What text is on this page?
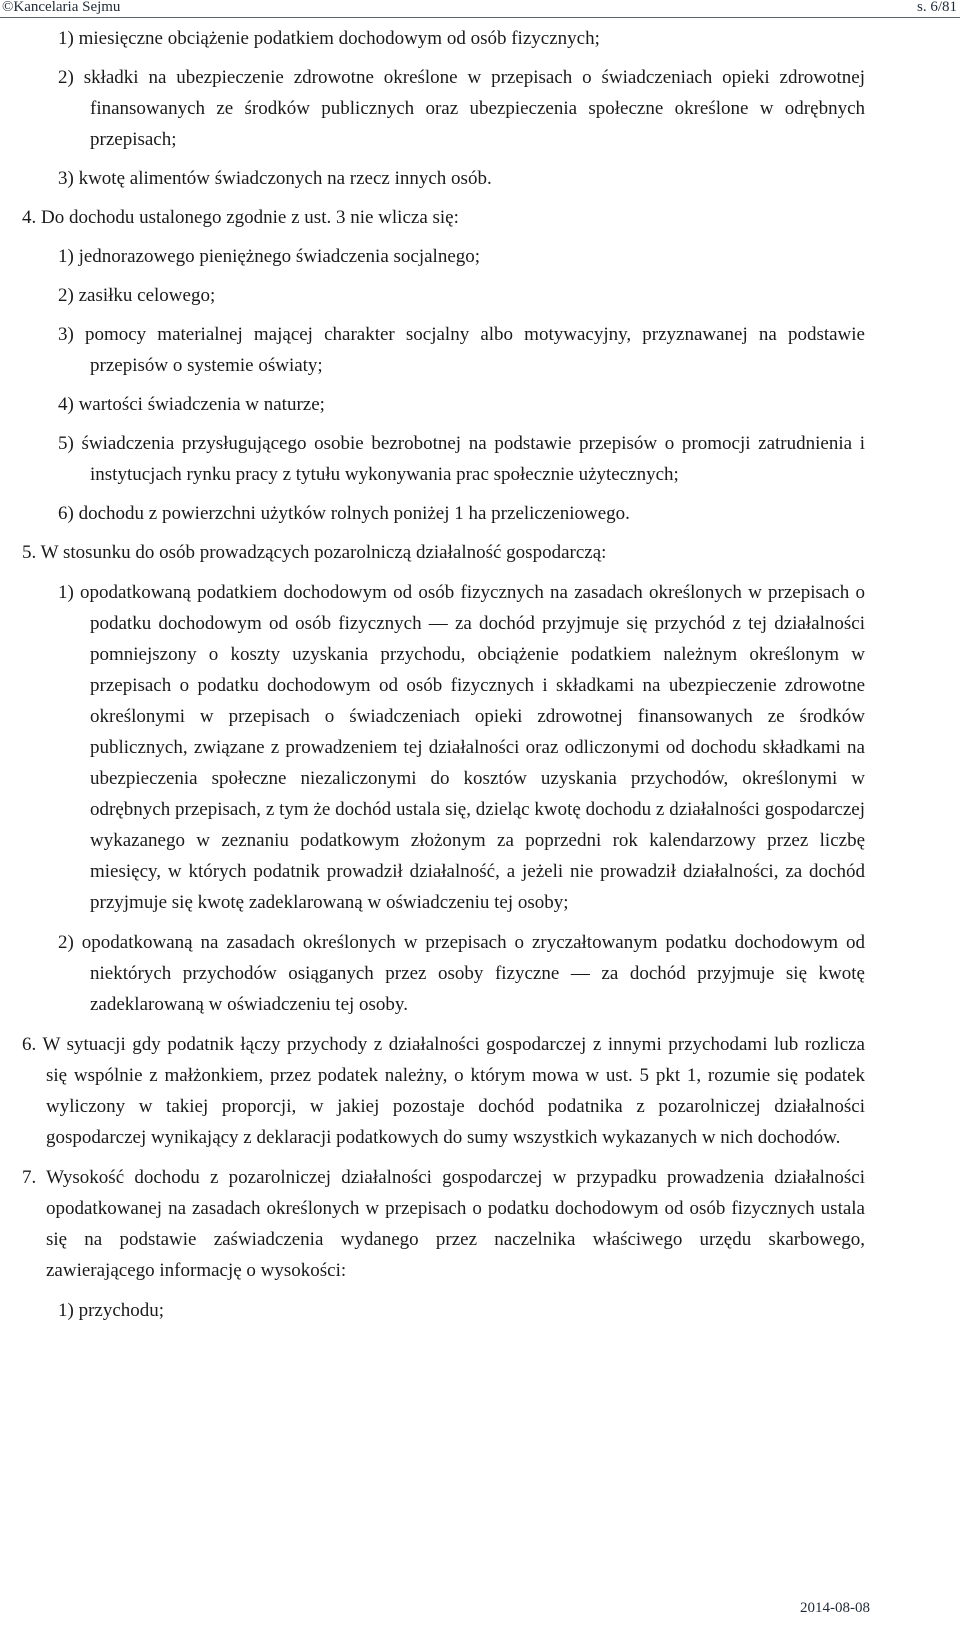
©Kancelaria Sejmu	s. 6/81

1) miesięczne obciążenie podatkiem dochodowym od osób fizycznych;

2) składki na ubezpieczenie zdrowotne określone w przepisach o świadczeniach opieki zdrowotnej finansowanych ze środków publicznych oraz ubezpieczenia społeczne określone w odrębnych przepisach;

3) kwotę alimentów świadczonych na rzecz innych osób.

4. Do dochodu ustalonego zgodnie z ust. 3 nie wlicza się:

1) jednorazowego pieniężnego świadczenia socjalnego;

2) zasiłku celowego;

3) pomocy materialnej mającej charakter socjalny albo motywacyjny, przyznawanej na podstawie przepisów o systemie oświaty;

4) wartości świadczenia w naturze;

5) świadczenia przysługującego osobie bezrobotnej na podstawie przepisów o promocji zatrudnienia i instytucjach rynku pracy z tytułu wykonywania prac społecznie użytecznych;

6) dochodu z powierzchni użytków rolnych poniżej 1 ha przeliczeniowego.

5. W stosunku do osób prowadzących pozarolniczą działalność gospodarczą:

1) opodatkowaną podatkiem dochodowym od osób fizycznych na zasadach określonych w przepisach o podatku dochodowym od osób fizycznych — za dochód przyjmuje się przychód z tej działalności pomniejszony o koszty uzyskania przychodu, obciążenie podatkiem należnym określonym w przepisach o podatku dochodowym od osób fizycznych i składkami na ubezpieczenie zdrowotne określonymi w przepisach o świadczeniach opieki zdrowotnej finansowanych ze środków publicznych, związane z prowadzeniem tej działalności oraz odliczonymi od dochodu składkami na ubezpieczenia społeczne niezaliczonymi do kosztów uzyskania przychodów, określonymi w odrębnych przepisach, z tym że dochód ustala się, dzieląc kwotę dochodu z działalności gospodarczej wykazanego w zeznaniu podatkowym złożonym za poprzedni rok kalendarzowy przez liczbę miesięcy, w których podatnik prowadził działalność, a jeżeli nie prowadził działalności, za dochód przyjmuje się kwotę zadeklarowaną w oświadczeniu tej osoby;

2) opodatkowaną na zasadach określonych w przepisach o zryczałtowanym podatku dochodowym od niektórych przychodów osiąganych przez osoby fizyczne — za dochód przyjmuje się kwotę zadeklarowaną w oświadczeniu tej osoby.

6. W sytuacji gdy podatnik łączy przychody z działalności gospodarczej z innymi przychodami lub rozlicza się wspólnie z małżonkiem, przez podatek należny, o którym mowa w ust. 5 pkt 1, rozumie się podatek wyliczony w takiej proporcji, w jakiej pozostaje dochód podatnika z pozarolniczej działalności gospodarczej wynikający z deklaracji podatkowych do sumy wszystkich wykazanych w nich dochodów.

7. Wysokość dochodu z pozarolniczej działalności gospodarczej w przypadku prowadzenia działalności opodatkowanej na zasadach określonych w przepisach o podatku dochodowym od osób fizycznych ustala się na podstawie zaświadczenia wydanego przez naczelnika właściwego urzędu skarbowego, zawierającego informację o wysokości:

1) przychodu;

2014-08-08
